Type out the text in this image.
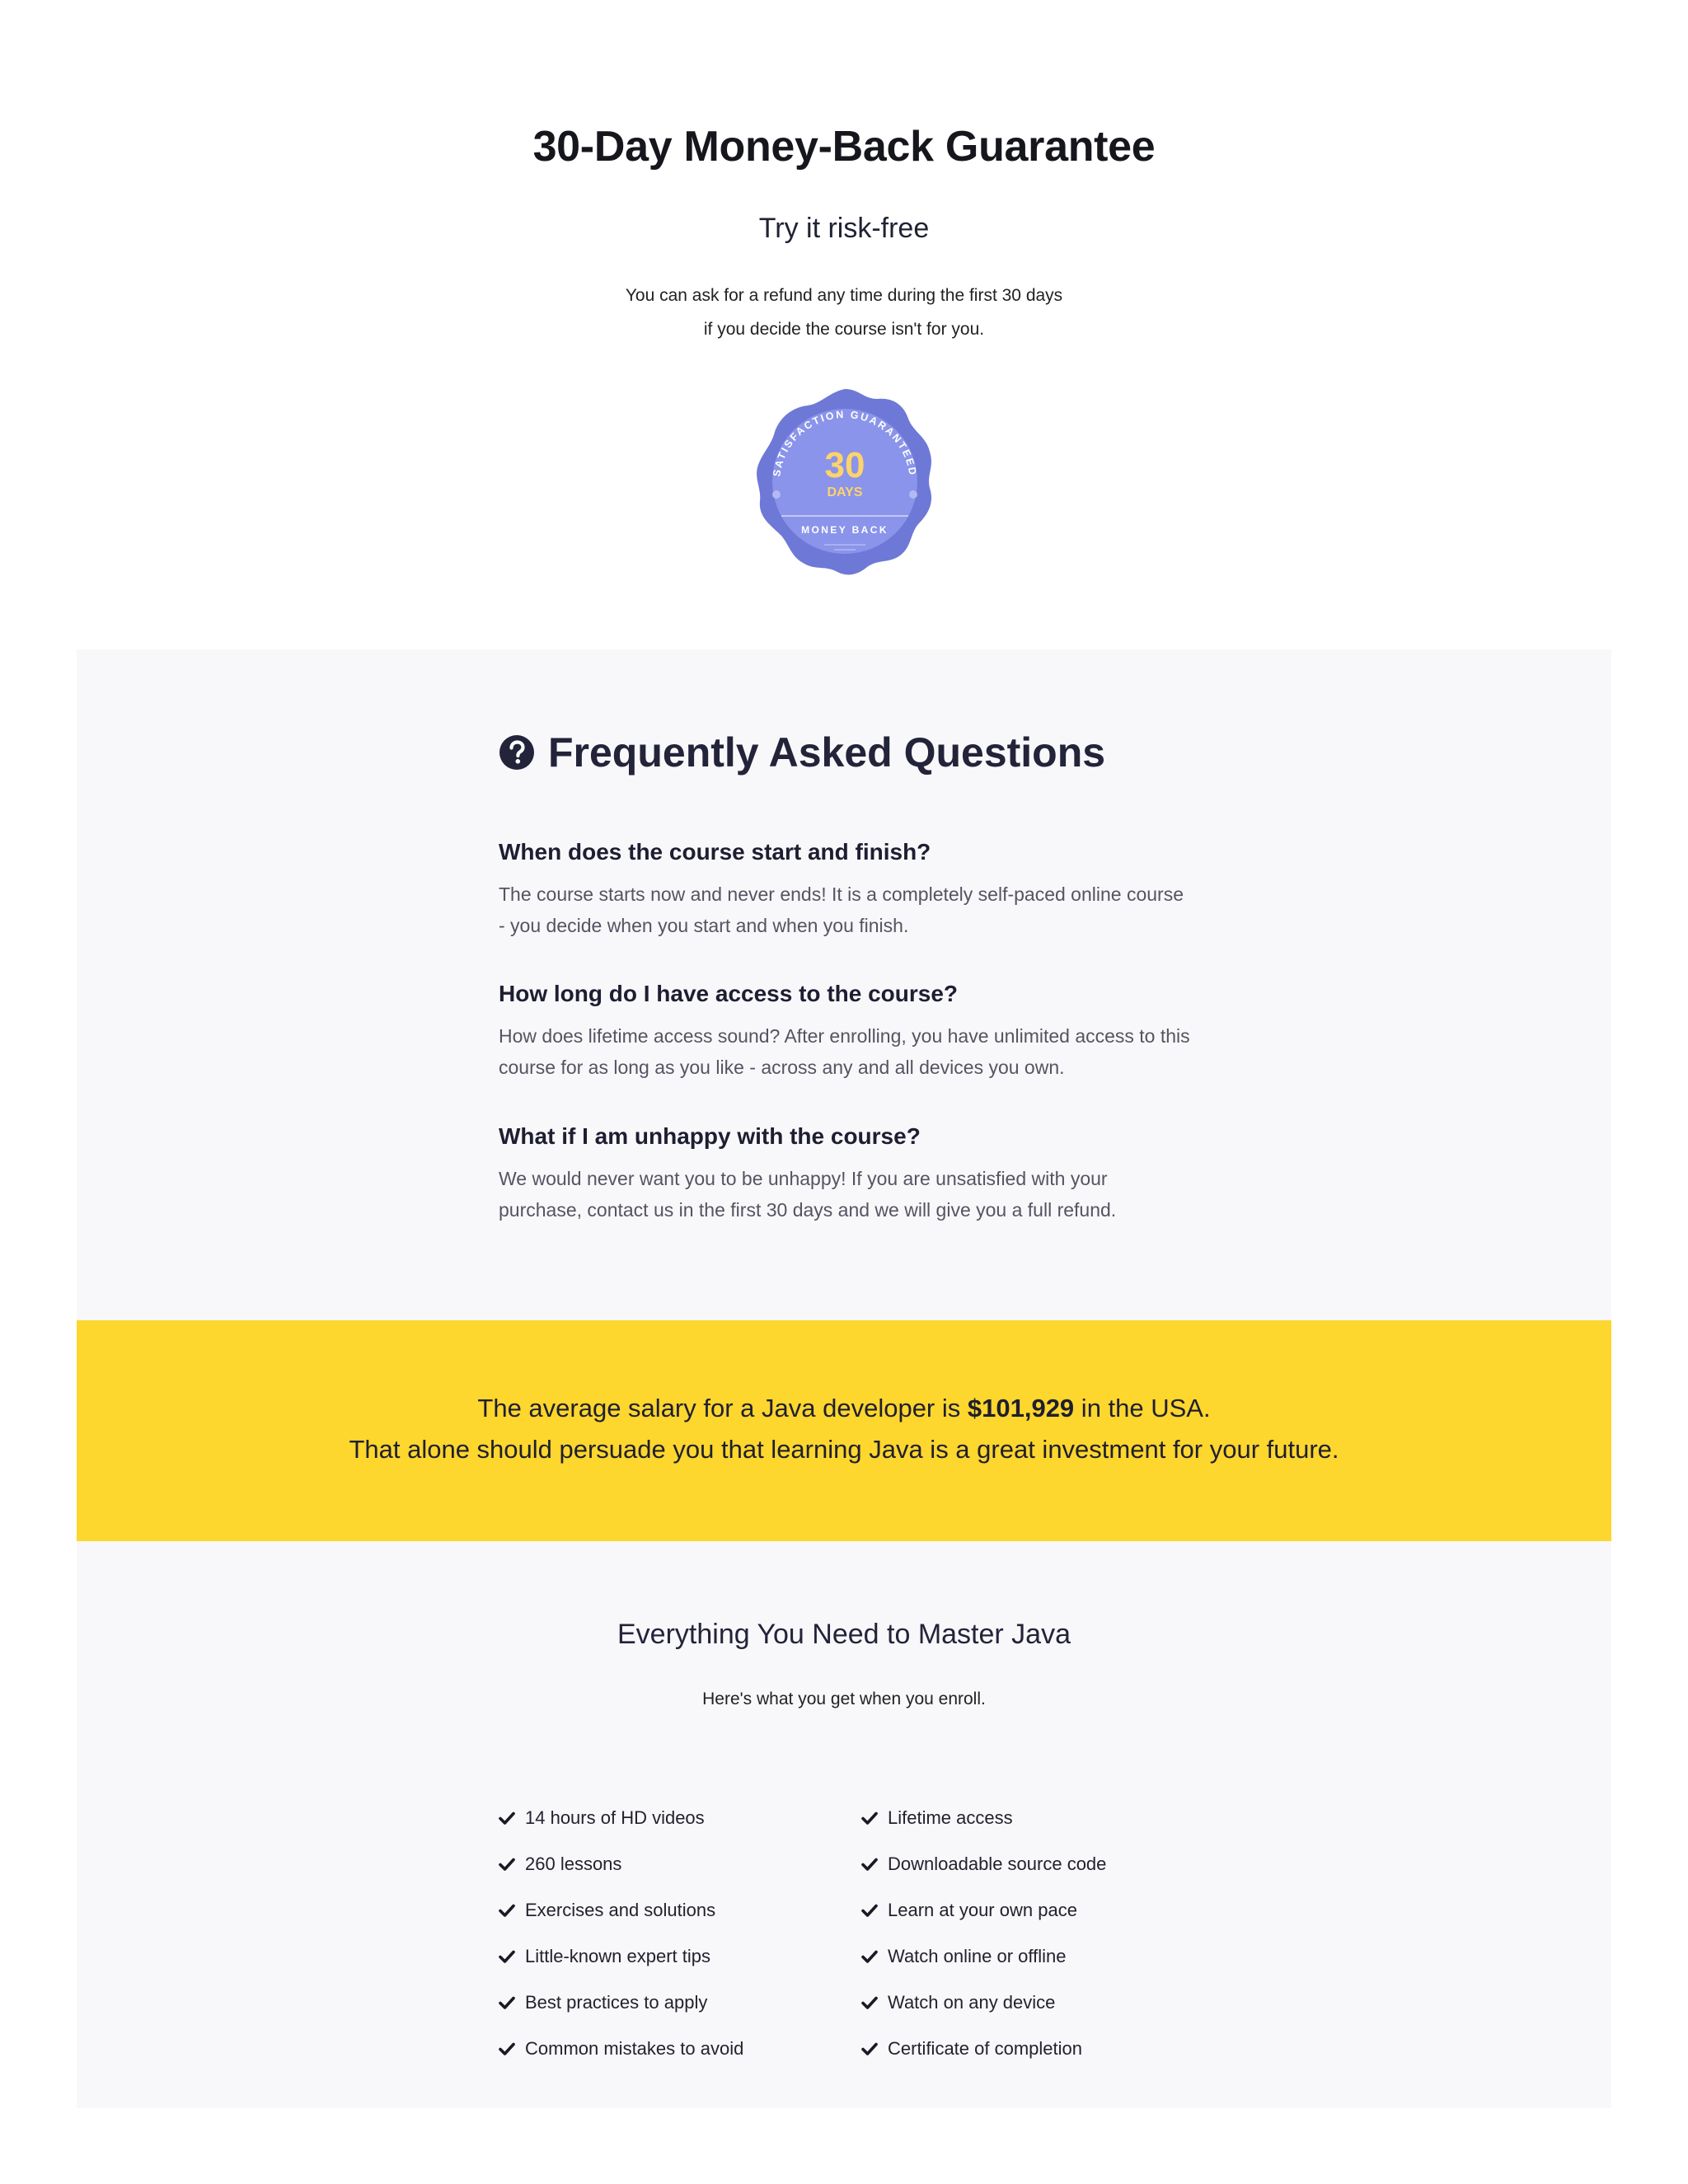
30-Day Money-Back Guarantee
Try it risk-free

You can ask for a refund any time during the first 30 days
if you decide the course isn't for you.

SATISFACTION GUARANTEED
30
DAYS
MONEY BACK
Frequently Asked Questions
When does the course start and finish?

The course starts now and never ends! It is a completely self-paced online course - you decide when you start and when you finish.

How long do I have access to the course?

How does lifetime access sound? After enrolling, you have unlimited access to this course for as long as you like - across any and all devices you own.

What if I am unhappy with the course?

We would never want you to be unhappy! If you are unsatisfied with your purchase, contact us in the first 30 days and we will give you a full refund.

The average salary for a Java developer is $101,929 in the USA.

That alone should persuade you that learning Java is a great investment for your future.

Everything You Need to Master Java

Here's what you get when you enroll.

14 hours of HD videos
260 lessons
Exercises and solutions
Little-known expert tips
Best practices to apply
Common mistakes to avoid
Lifetime access
Downloadable source code
Learn at your own pace
Watch online or offline
Watch on any device
Certificate of completion
